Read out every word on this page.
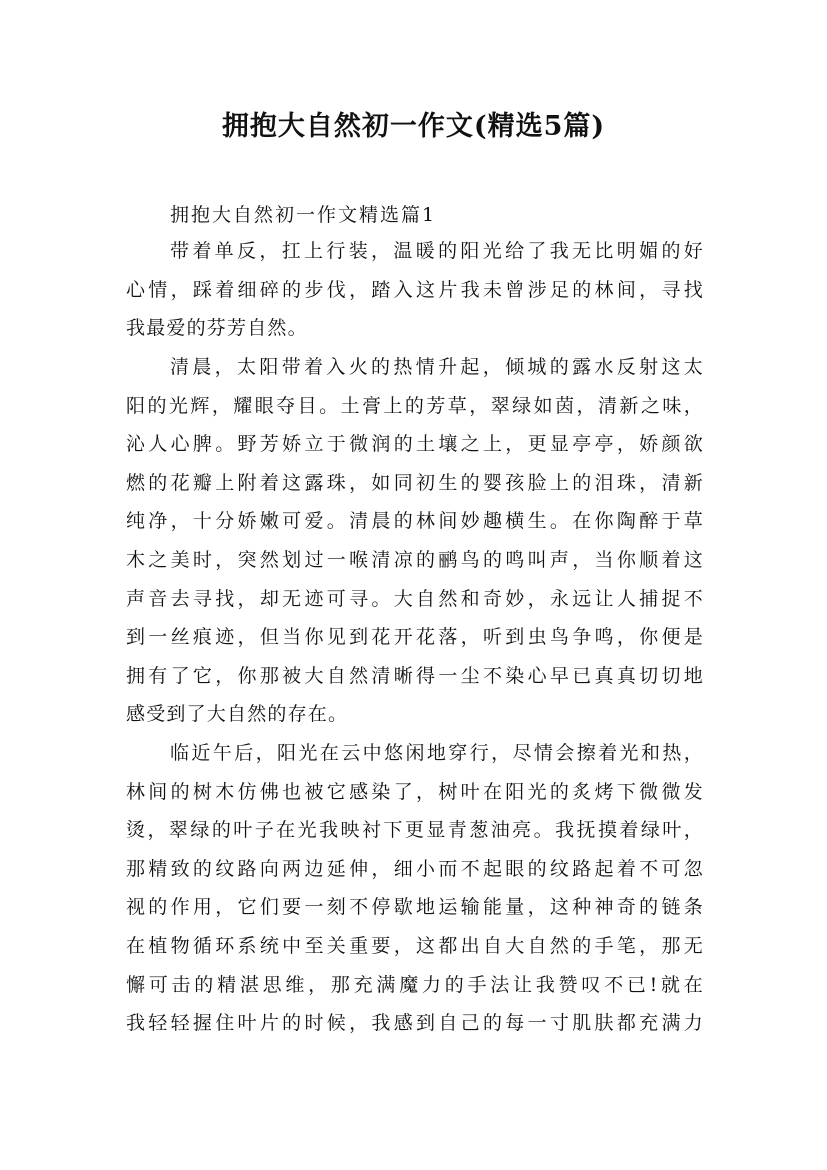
拥抱大自然初一作文(精选5篇)
拥抱大自然初一作文精选篇1
带着单反，扛上行装，温暖的阳光给了我无比明媚的好
心情，踩着细碎的步伐，踏入这片我未曾涉足的林间，寻找
我最爱的芬芳自然。
清晨，太阳带着入火的热情升起，倾城的露水反射这太
阳的光辉，耀眼夺目。土膏上的芳草，翠绿如茵，清新之味，
沁人心脾。野芳娇立于微润的土壤之上，更显亭亭，娇颜欲
燃的花瓣上附着这露珠，如同初生的婴孩脸上的泪珠，清新
纯净，十分娇嫩可爱。清晨的林间妙趣横生。在你陶醉于草
木之美时，突然划过一喉清凉的鹂鸟的鸣叫声，当你顺着这
声音去寻找，却无迹可寻。大自然和奇妙，永远让人捕捉不
到一丝痕迹，但当你见到花开花落，听到虫鸟争鸣，你便是
拥有了它，你那被大自然清晰得一尘不染心早已真真切切地
感受到了大自然的存在。
临近午后，阳光在云中悠闲地穿行，尽情会擦着光和热，
林间的树木仿佛也被它感染了，树叶在阳光的炙烤下微微发
烫，翠绿的叶子在光我映衬下更显青葱油亮。我抚摸着绿叶，
那精致的纹路向两边延伸，细小而不起眼的纹路起着不可忽
视的作用，它们要一刻不停歇地运输能量，这种神奇的链条
在植物循环系统中至关重要，这都出自大自然的手笔，那无
懈可击的精湛思维，那充满魔力的手法让我赞叹不已!就在
我轻轻握住叶片的时候，我感到自己的每一寸肌肤都充满力
